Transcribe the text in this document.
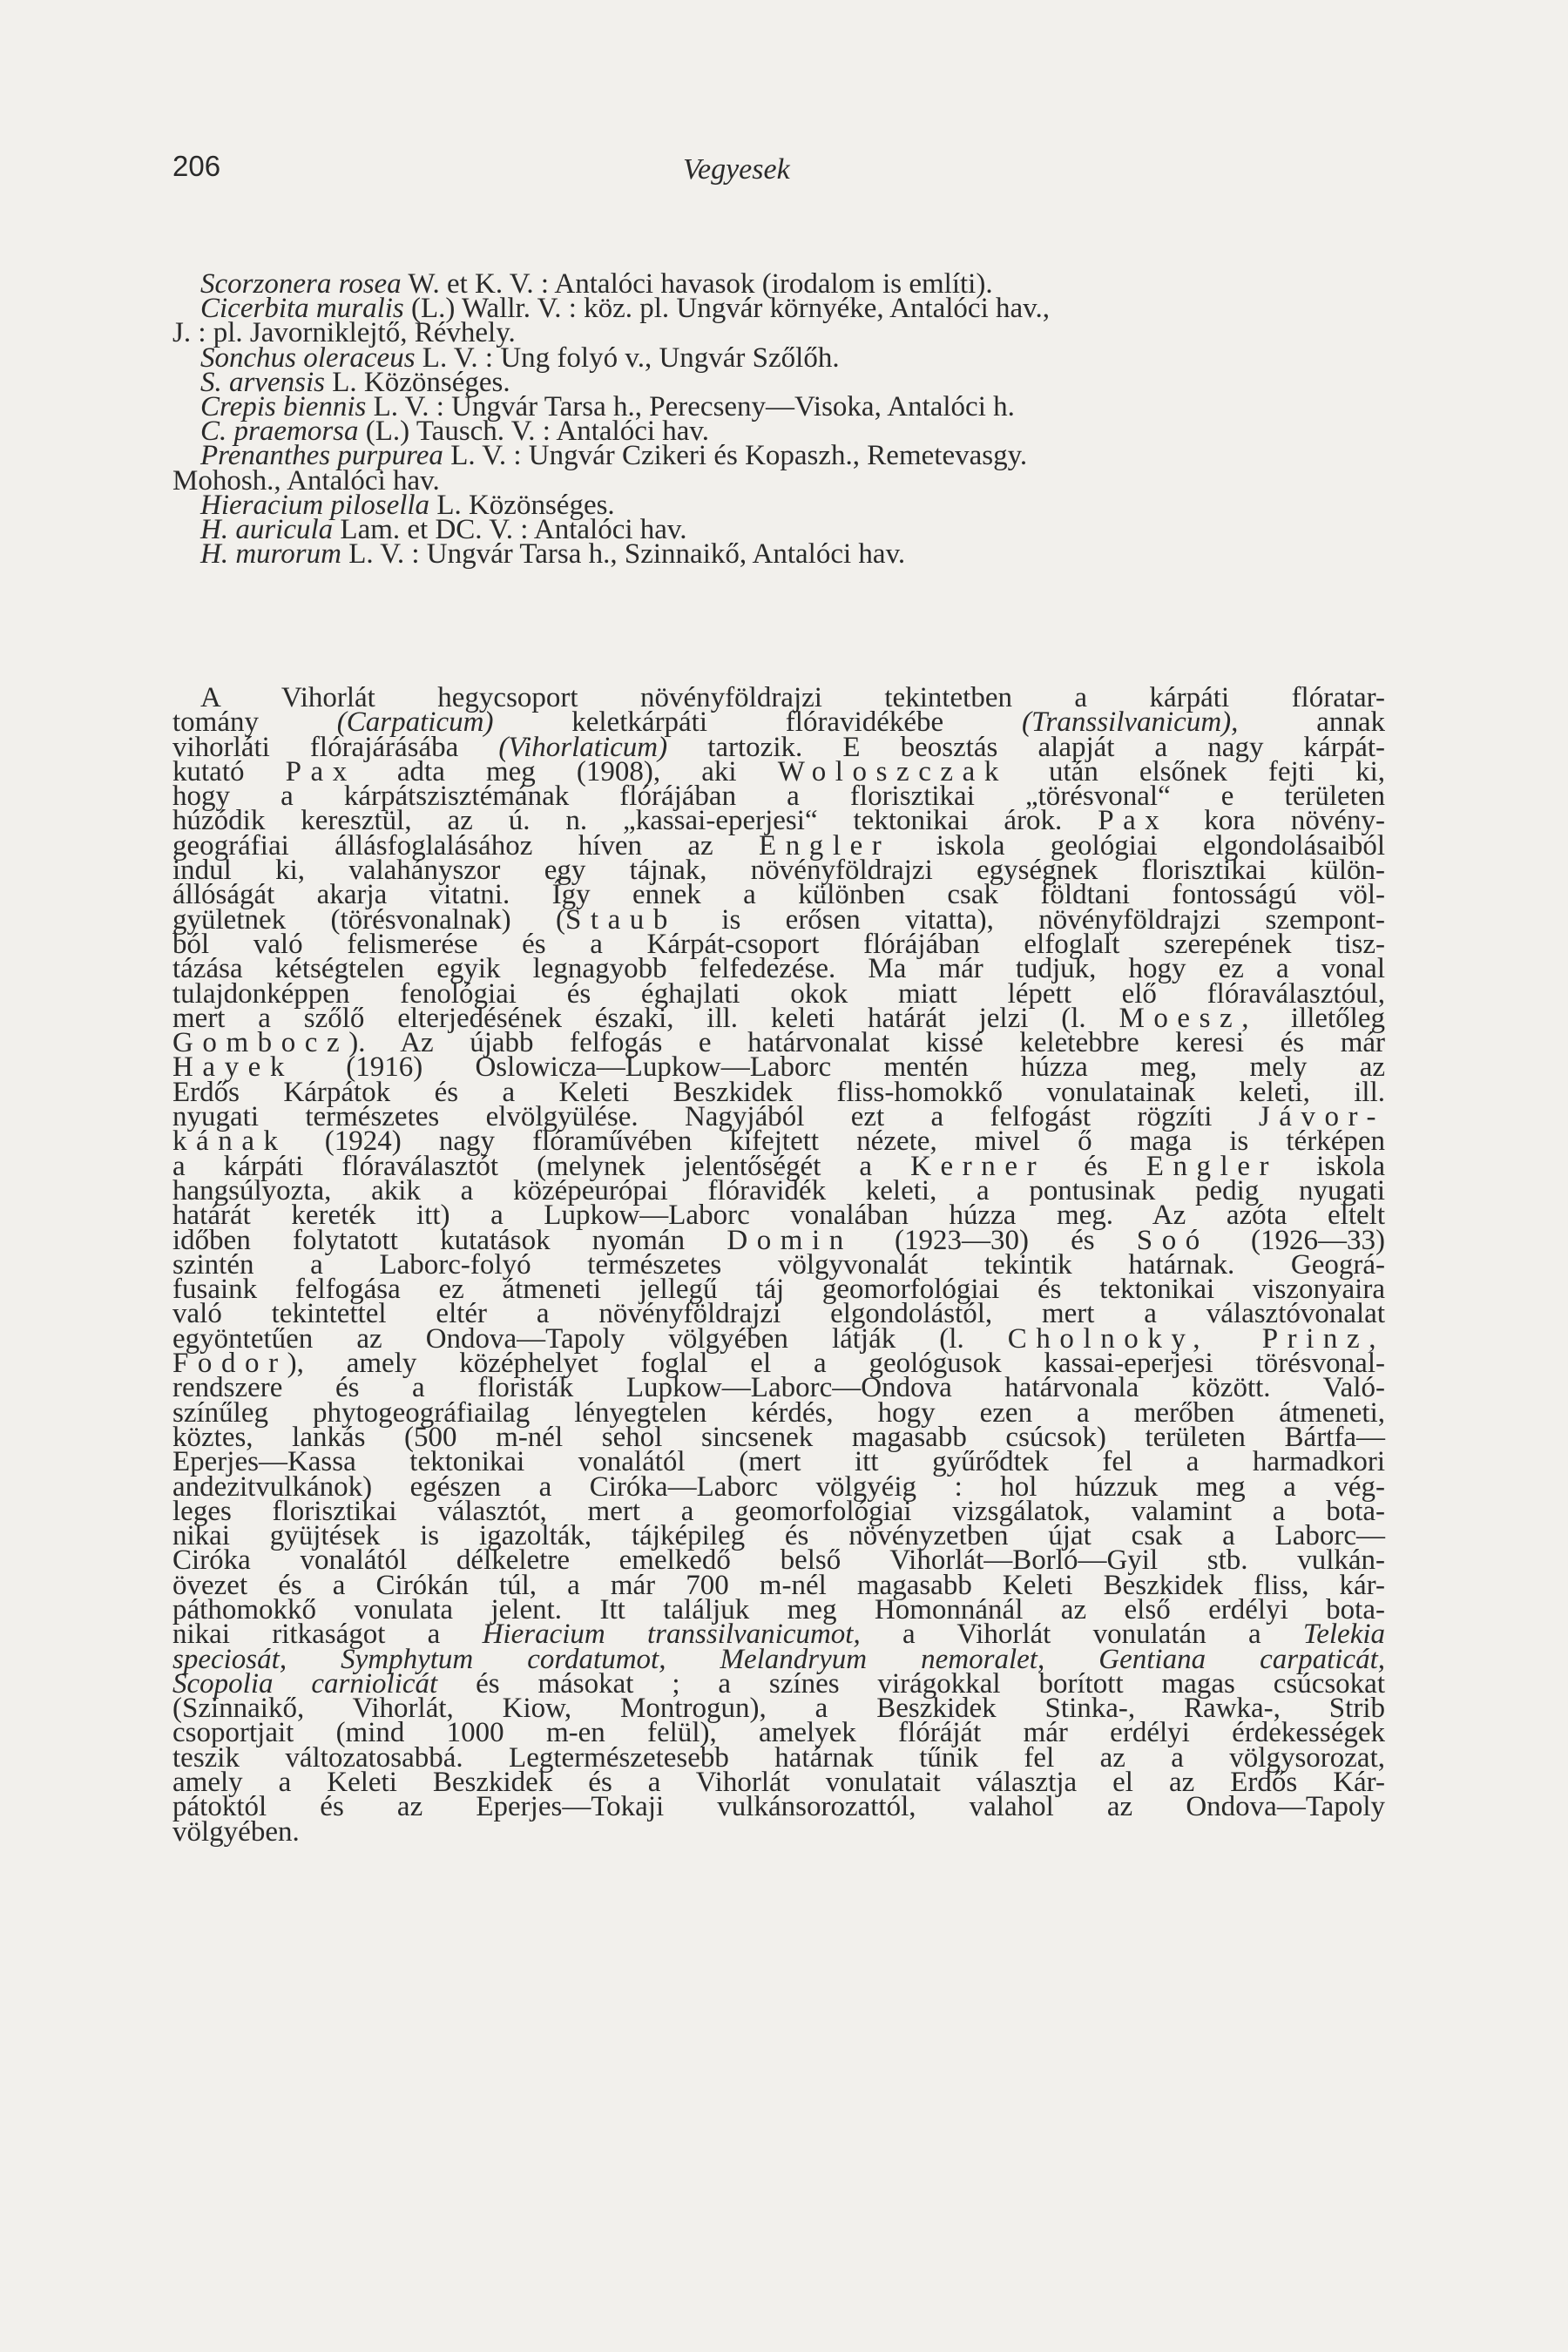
206	Vegyesek
Scorzonera rosea W. et K. V. : Antalóci havasok (irodalom is említi).
Cicerbita muralis (L.) Wallr. V. : köz. pl. Ungvár környéke, Antalóci hav.,
J. : pl. Javorniklejtő, Révhely.
Sonchus oleraceus L. V. : Ung folyó v., Ungvár Szőlőh.
S. arvensis L. Közönséges.
Crepis biennis L. V. : Ungvár Tarsa h., Perecseny—Visoka, Antalóci h.
C. praemorsa (L.) Tausch. V. : Antalóci hav.
Prenanthes purpurea L. V. : Ungvár Czikeri és Kopaszh., Remetevasgy.
Mohosh., Antalóci hav.
Hieracium pilosella L. Közönséges.
H. auricula Lam. et DC. V. : Antalóci hav.
H. murorum L. V. : Ungvár Tarsa h., Szinnaikő, Antalóci hav.
A Vihorlát hegycsoport növényföldrajzi tekintetben a kárpáti flóratar-
tomány (Carpaticum) keletkárpáti flóravidékébe (Transsilvanicum), annak
vihorláti flórajárásába (Vihorlaticum) tartozik. E beosztás alapját a nagy kárpát-
kutató Pax adta meg (1908), aki Woloszczak után elsőnek fejti ki,
hogy a kárpátszisztémának flórájában a florisztikai „törésvonal“ e területen
húzódik keresztül, az ú. n. „kassai-eperjesi“ tektonikai árok. Pax kora növény-
geográfiai állásfoglalásához híven az Engler iskola geológiai elgondolásaiból
indul ki, valahányszor egy tájnak, növényföldrajzi egységnek florisztikai külön-
állóságát akarja vitatni. Így ennek a különben csak földtani fontosságú völ-
gyületnek (törésvonalnak) (Staub is erősen vitatta), növényföldrajzi szempont-
ból való felismerése és a Kárpát-csoport flórájában elfoglalt szerepének tisz-
tázása kétségtelen egyik legnagyobb felfedezése. Ma már tudjuk, hogy ez a vonal
tulajdonképpen fenológiai és éghajlati okok miatt lépett elő flóraválasztóul,
mert a szőlő elterjedésének északi, ill. keleti határát jelzi (l. Moesz, illetőleg
Gombocz). Az újabb felfogás e határvonalat kissé keletebbre keresi és már
Hayek (1916) Oslowicza—Lupkow—Laborc mentén húzza meg, mely az
Erdős Kárpátok és a Keleti Beszkidek fliss-homokkő vonulatainak keleti, ill.
nyugati természetes elvölgyülése. Nagyjából ezt a felfogást rögzíti Jávor-
kának (1924) nagy flóraművében kifejtett nézete, mivel ő maga is térképen
a kárpáti flóraválasztót (melynek jelentőségét a Kerner és Engler iskola
hangsúlyozta, akik a középeurópai flóravidék keleti, a pontusinak pedig nyugati
határát kereték itt) a Lupkow—Laborc vonalában húzza meg. Az azóta eltelt
időben folytatott kutatások nyomán Domin (1923—30) és Soó (1926—33)
szintén a Laborc-folyó természetes völgyvonalát tekintik határnak. Geográ-
fusaink felfogása ez átmeneti jellegű táj geomorfológiai és tektonikai viszonyaira
való tekintettel eltér a növényföldrajzi elgondolástól, mert a választóvonalat
egyöntetűen az Ondova—Tapoly völgyében látják (l. Cholnoky, Prinz,
Fodor), amely középhelyet foglal el a geológusok kassai-eperjesi törésvonal-
rendszere és a floristák Lupkow—Laborc—Ondova határvonala között. Való-
színűleg phytogeográfiailag lényegtelen kérdés, hogy ezen a merőben átmeneti,
köztes, lankás (500 m-nél sehol sincsenek magasabb csúcsok) területen Bártfa—
Eperjes—Kassa tektonikai vonalától (mert itt gyűrődtek fel a harmadkori
andezitvulkánok) egészen a Ciróka—Laborc völgyéig : hol húzzuk meg a vég-
leges florisztikai választót, mert a geomorfológiai vizsgálatok, valamint a bota-
nikai gyüjtések is igazolták, tájképileg és növényzetben újat csak a Laborc—
Ciróka vonalától délkeletre emelkedő belső Vihorlát—Borló—Gyil stb. vulkán-
övezet és a Cirókán túl, a már 700 m-nél magasabb Keleti Beszkidek fliss, kár-
páthomokkő vonulata jelent. Itt találjuk meg Homonnánál az első erdélyi bota-
nikai ritkaságot a Hieracium transsilvanicumot, a Vihorlát vonulatán a Telekia
speciosát, Symphytum cordatumot, Melandryum nemoralet, Gentiana carpaticát,
Scopolia carniolicát és másokat ; a színes virágokkal borított magas csúcsokat
(Szinnaikő, Vihorlát, Kiow, Montrogun), a Beszkidek Stinka-, Rawka-, Strib
csoportjait (mind 1000 m-en felül), amelyek flóráját már erdélyi érdekességek
teszik változatosabbá. Legtermészetesebb határnak tűnik fel az a völgysorozat,
amely a Keleti Beszkidek és a Vihorlát vonulatait választja el az Erdős Kár-
pátoktól és az Eperjes—Tokaji vulkánsorozattól, valahol az Ondova—Tapoly
völgyében.
